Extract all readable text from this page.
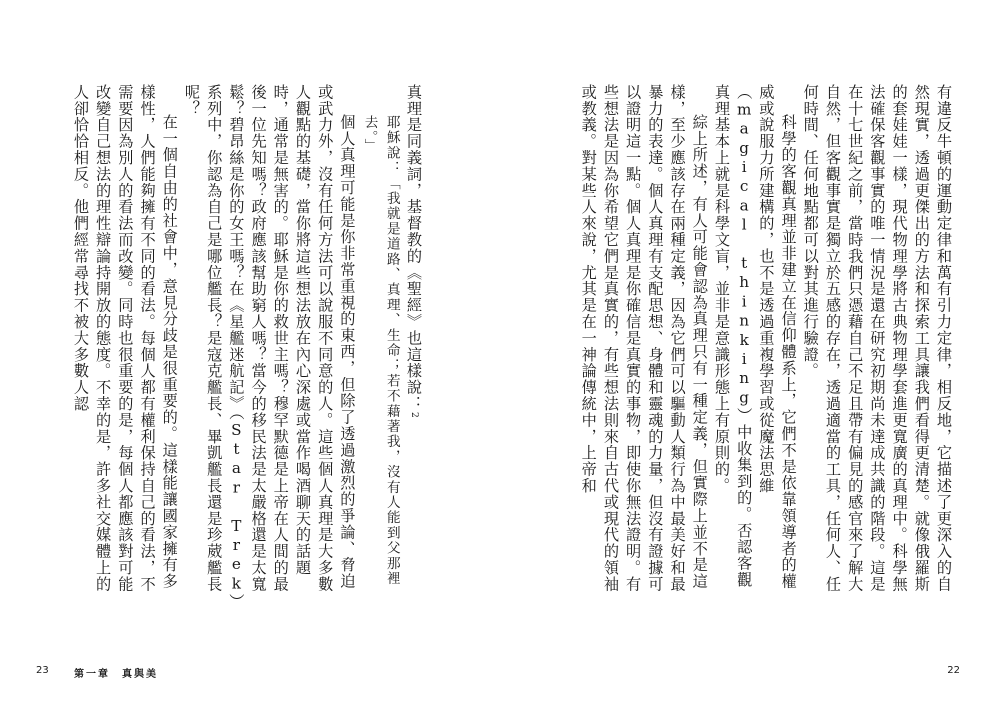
真理是同義詞，基督教的《聖經》也這樣說：2

耶穌說：「我就是道路、真理、生命；若不藉著我，沒有人能到父那裡去。」

個人真理可能是你非常重視的東西，但除了透過激烈的爭論、脅迫或武力外，沒有任何方法可以說服不同意的人。這些個人真理是大多數人觀點的基礎，當你將這些想法放在內心深處或當作喝酒聊天的話題時，通常是無害的。耶穌是你的救世主嗎？穆罕默德是上帝在人間的最後一位先知嗎？政府應該幫助窮人嗎？當今的移民法是太嚴格還是太寬鬆？碧昂絲是你的女王嗎？在《星艦迷航記》（Star Trek）系列中，你認為自己是哪位艦長？是寇克艦長、畢凱艦長還是珍葳艦長呢？

在一個自由的社會中，意見分歧是很重要的。這樣能讓國家擁有多樣性，人們能夠擁有不同的看法。每個人都有權利保持自己的看法，不需要因為別人的看法而改變。同時也很重要的是，每個人都應該對可能改變自己想法的理性辯論持開放的態度。不幸的是，許多社交媒體上的人卻恰恰相反。他們經常尋找不被大多數人認

23	第一章　真與美

有違反牛頓的運動定律和萬有引力定律，相反地，它描述了更深入的自然現實，透過更傑出的方法和探索工具讓我們看得更清楚。就像俄羅斯的套娃娃一樣，現代物理學將古典物理學套進更寬廣的真理中。科學無法確保客觀事實的唯一情況是還在研究初期尚未達成共識的階段。這是在十七世紀之前，當時我們只憑藉自己不足且帶有偏見的感官來了解大自然，但客觀事實是獨立於五感的存在，透過適當的工具，任何人、任何時間、任何地點都可以對其進行驗證。

科學的客觀真理並非建立在信仰體系上，它們不是依靠領導者的權威或說服力所建構的，也不是透過重複學習或從魔法思維（magical thinking）中收集到的。否認客觀真理基本上就是科學文盲，並非是意識形態上有原則的。

綜上所述，有人可能會認為真理只有一種定義，但實際上並不是這樣，至少應該存在兩種定義，因為它們可以驅動人類行為中最美好和最暴力的表達。個人真理有支配思想、身體和靈魂的力量，但沒有證據可以證明這一點。個人真理是你確信是真實的事物，即使你無法證明。有些想法是因為你希望它們是真實的，有些想法則來自古代或現代的領袖或教義。對某些人來說，尤其是在一神論傳統中，上帝和

22
